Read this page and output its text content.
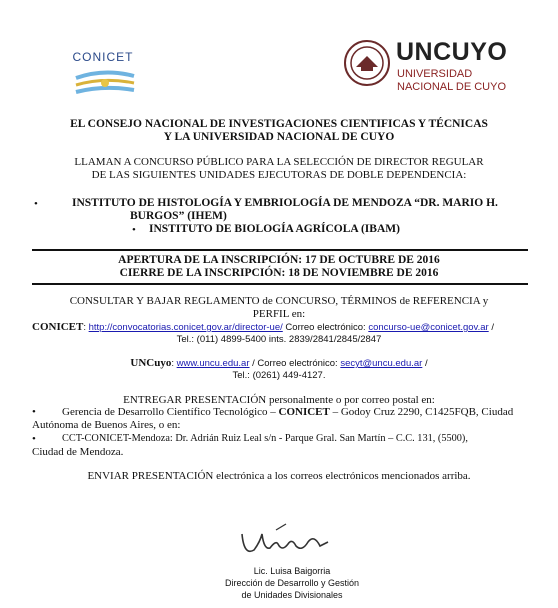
CONICET	UNCUYO
UNIVERSIDAD
NACIONAL DE CUYO
EL CONSEJO NACIONAL DE INVESTIGACIONES CIENTIFICAS Y TÉCNICAS
Y LA UNIVERSIDAD NACIONAL DE CUYO
LLAMAN A CONCURSO PÚBLICO PARA LA SELECCIÓN DE DIRECTOR REGULAR
DE LAS SIGUIENTES UNIDADES EJECUTORAS DE DOBLE DEPENDENCIA:
•	INSTITUTO DE HISTOLOGÍA Y EMBRIOLOGÍA DE MENDOZA “DR. MARIO H.
BURGOS” (IHEM)
• INSTITUTO DE BIOLOGÍA AGRÍCOLA (IBAM)
APERTURA DE LA INSCRIPCIÓN: 17 DE OCTUBRE DE 2016
CIERRE DE LA INSCRIPCIÓN: 18 DE NOVIEMBRE DE 2016
CONSULTAR Y BAJAR REGLAMENTO de CONCURSO, TÉRMINOS de REFERENCIA y
PERFIL en:
CONICET: http://convocatorias.conicet.gov.ar/director-ue/ Correo electrónico: concurso-ue@conicet.gov.ar /
Tel.: (011) 4899-5400 ints. 2839/2841/2845/2847
UNCuyo: www.uncu.edu.ar / Correo electrónico: secyt@uncu.edu.ar /
Tel.: (0261) 449-4127.
ENTREGAR PRESENTACIÓN personalmente o por correo postal en:
• Gerencia de Desarrollo Científico Tecnológico – CONICET – Godoy Cruz 2290, C1425FQB, Ciudad
Autónoma de Buenos Aires, o en:
•	CCT-CONICET-Mendoza: Dr. Adrián Ruiz Leal s/n - Parque Gral. San Martín – C.C. 131, (5500),
Ciudad de Mendoza.
ENVIAR PRESENTACIÓN electrónica a los correos electrónicos mencionados arriba.
Lic. Luisa Baigorria
Dirección de Desarrollo y Gestión
de Unidades Divisionales
